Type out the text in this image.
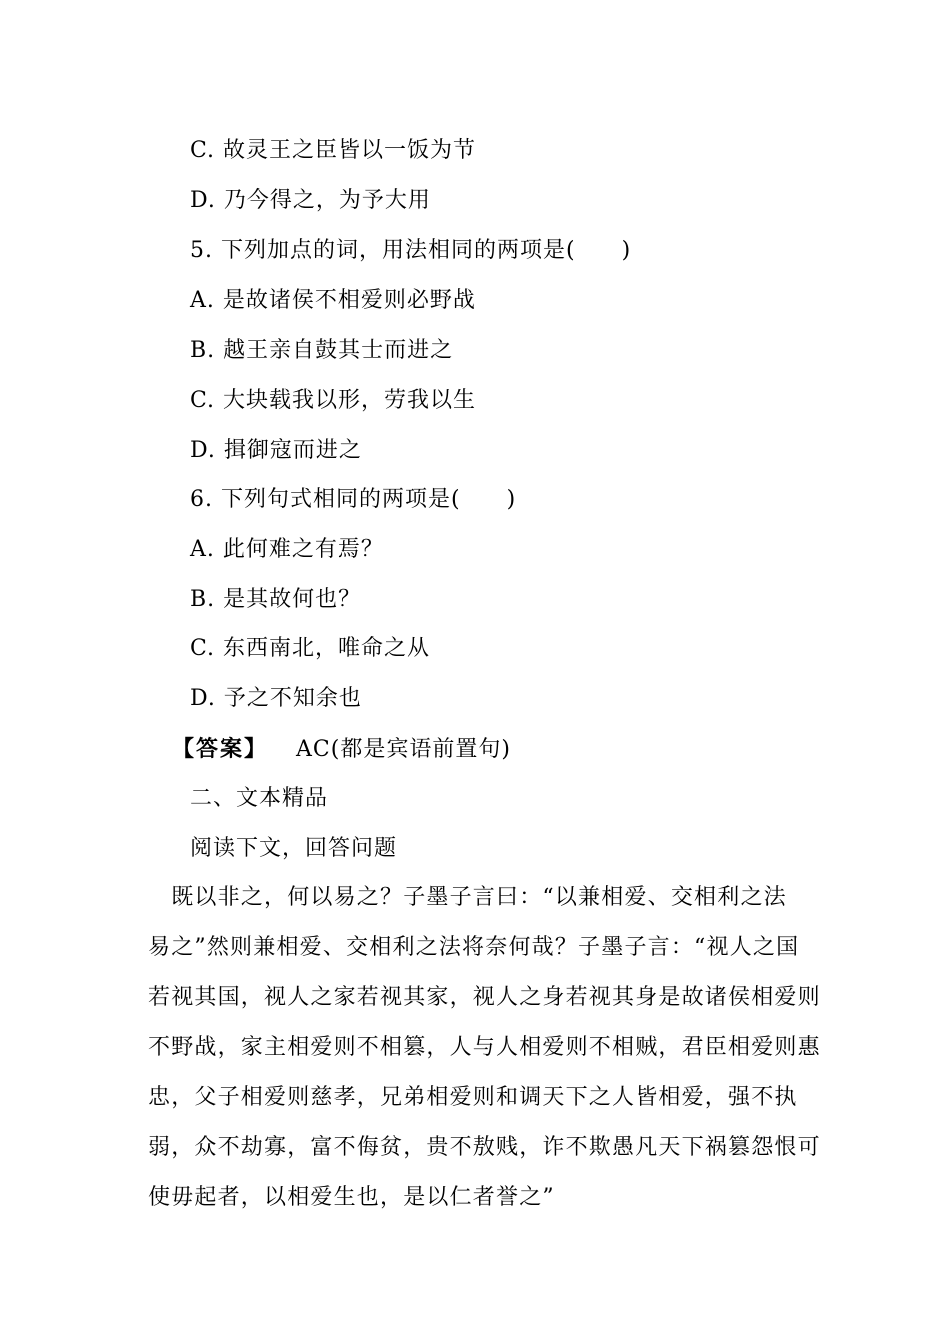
C. 故灵王之臣皆以一饭为节
D. 乃今得之，为予大用
5. 下列加点的词，用法相同的两项是(　　)
A. 是故诸侯不相爱则必野战
B. 越王亲自鼓其士而进之
C. 大块载我以形，劳我以生
D. 揖御寇而进之
6. 下列句式相同的两项是(　　)
A. 此何难之有焉？
B. 是其故何也？
C. 东西南北，唯命之从
D. 予之不知余也
【答案】 AC(都是宾语前置句)
二、文本精品
阅读下文，回答问题
　既以非之，何以易之？子墨子言曰：“以兼相爱、交相利之法
易之”然则兼相爱、交相利之法将奈何哉？子墨子言：“视人之国
若视其国，视人之家若视其家，视人之身若视其身是故诸侯相爱则
不野战，家主相爱则不相篡，人与人相爱则不相贼，君臣相爱则惠
忠，父子相爱则慈孝，兄弟相爱则和调天下之人皆相爱，强不执
弱，众不劫寡，富不侮贫，贵不敖贱，诈不欺愚凡天下祸篡怨恨可
使毋起者，以相爱生也，是以仁者誉之”
